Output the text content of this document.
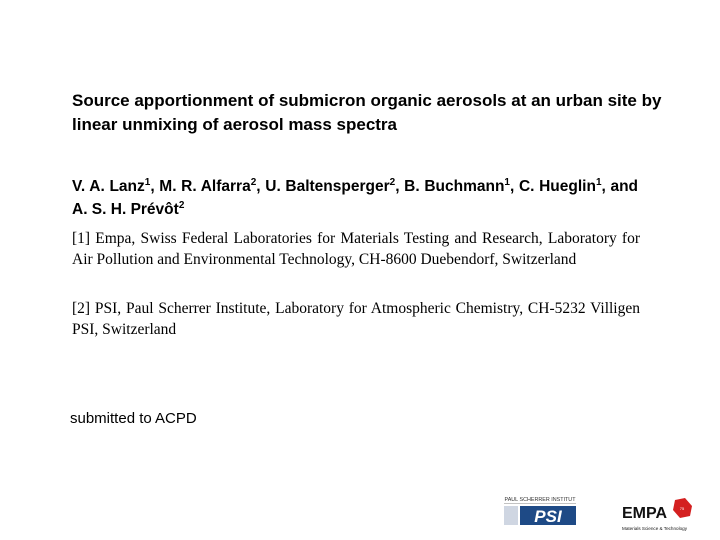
Source apportionment of submicron organic aerosols at an urban site by linear unmixing of aerosol mass spectra
V. A. Lanz$^1$, M. R. Alfarra$^2$, U. Baltensperger$^2$, B. Buchmann$^1$, C. Hueglin$^1$, and A. S. H. Prévôt$^2$
[1] Empa, Swiss Federal Laboratories for Materials Testing and Research, Laboratory for Air Pollution and Environmental Technology, CH-8600 Duebendorf, Switzerland
[2] PSI, Paul Scherrer Institute, Laboratory for Atmospheric Chemistry, CH-5232 Villigen PSI, Switzerland
submitted to ACPD
PAUL SCHERRER INSTITUT
PSI	EMPA	75
Materials Science & Technology
